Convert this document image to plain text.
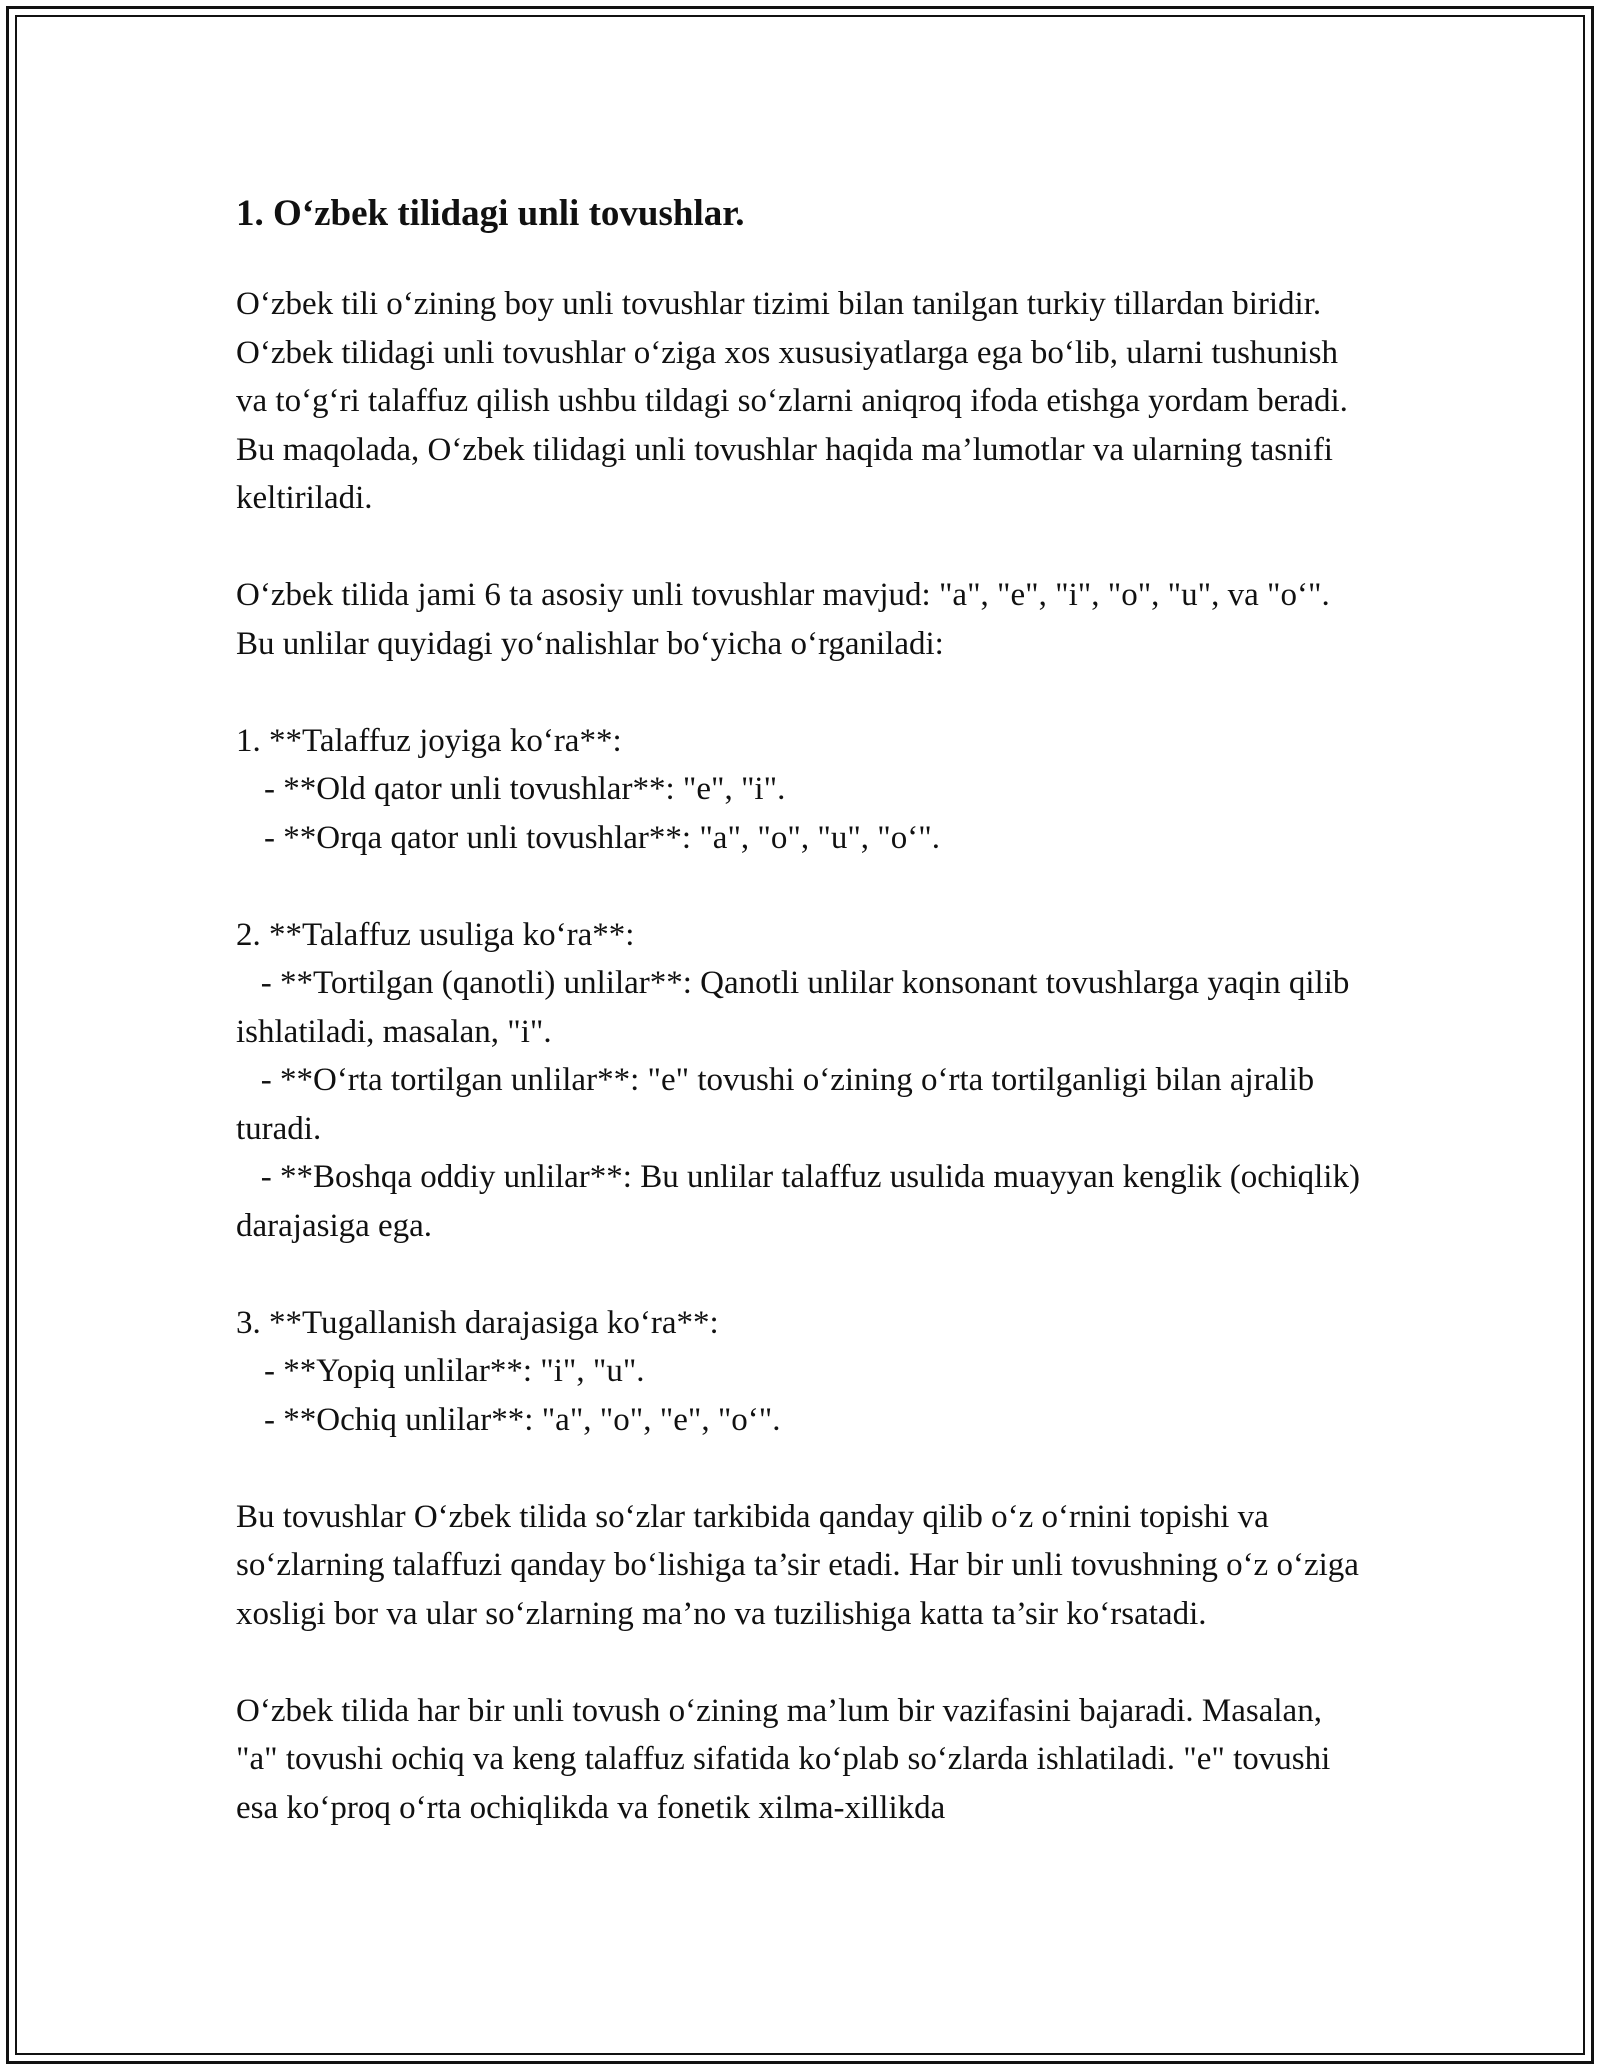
1. O‘zbek tilidagi unli tovushlar.

O‘zbek tili o‘zining boy unli tovushlar tizimi bilan tanilgan turkiy tillardan biridir. O‘zbek tilidagi unli tovushlar o‘ziga xos xususiyatlarga ega bo‘lib, ularni tushunish va to‘g‘ri talaffuz qilish ushbu tildagi so‘zlarni aniqroq ifoda etishga yordam beradi. Bu maqolada, O‘zbek tilidagi unli tovushlar haqida ma’lumotlar va ularning tasnifi keltiriladi.

O‘zbek tilida jami 6 ta asosiy unli tovushlar mavjud: "a", "e", "i", "o", "u", va "o‘". Bu unlilar quyidagi yo‘nalishlar bo‘yicha o‘rganiladi:

1. **Talaffuz joyiga ko‘ra**:
- **Old qator unli tovushlar**: "e", "i".
- **Orqa qator unli tovushlar**: "a", "o", "u", "o‘".
2. **Talaffuz usuliga ko‘ra**:
- **Tortilgan (qanotli) unlilar**: Qanotli unlilar konsonant tovushlarga yaqin qilib ishlatiladi, masalan, "i".
- **O‘rta tortilgan unlilar**: "e" tovushi o‘zining o‘rta tortilganligi bilan ajralib turadi.
- **Boshqa oddiy unlilar**: Bu unlilar talaffuz usulida muayyan kenglik (ochiqlik) darajasiga ega.
3. **Tugallanish darajasiga ko‘ra**:
- **Yopiq unlilar**: "i", "u".
- **Ochiq unlilar**: "a", "o", "e", "o‘".

Bu tovushlar O‘zbek tilida so‘zlar tarkibida qanday qilib o‘z o‘rnini topishi va so‘zlarning talaffuzi qanday bo‘lishiga ta’sir etadi. Har bir unli tovushning o‘z o‘ziga xosligi bor va ular so‘zlarning ma’no va tuzilishiga katta ta’sir ko‘rsatadi.

O‘zbek tilida har bir unli tovush o‘zining ma’lum bir vazifasini bajaradi. Masalan, "a" tovushi ochiq va keng talaffuz sifatida ko‘plab so‘zlarda ishlatiladi. "e" tovushi esa ko‘proq o‘rta ochiqlikda va fonetik xilma-xillikda
